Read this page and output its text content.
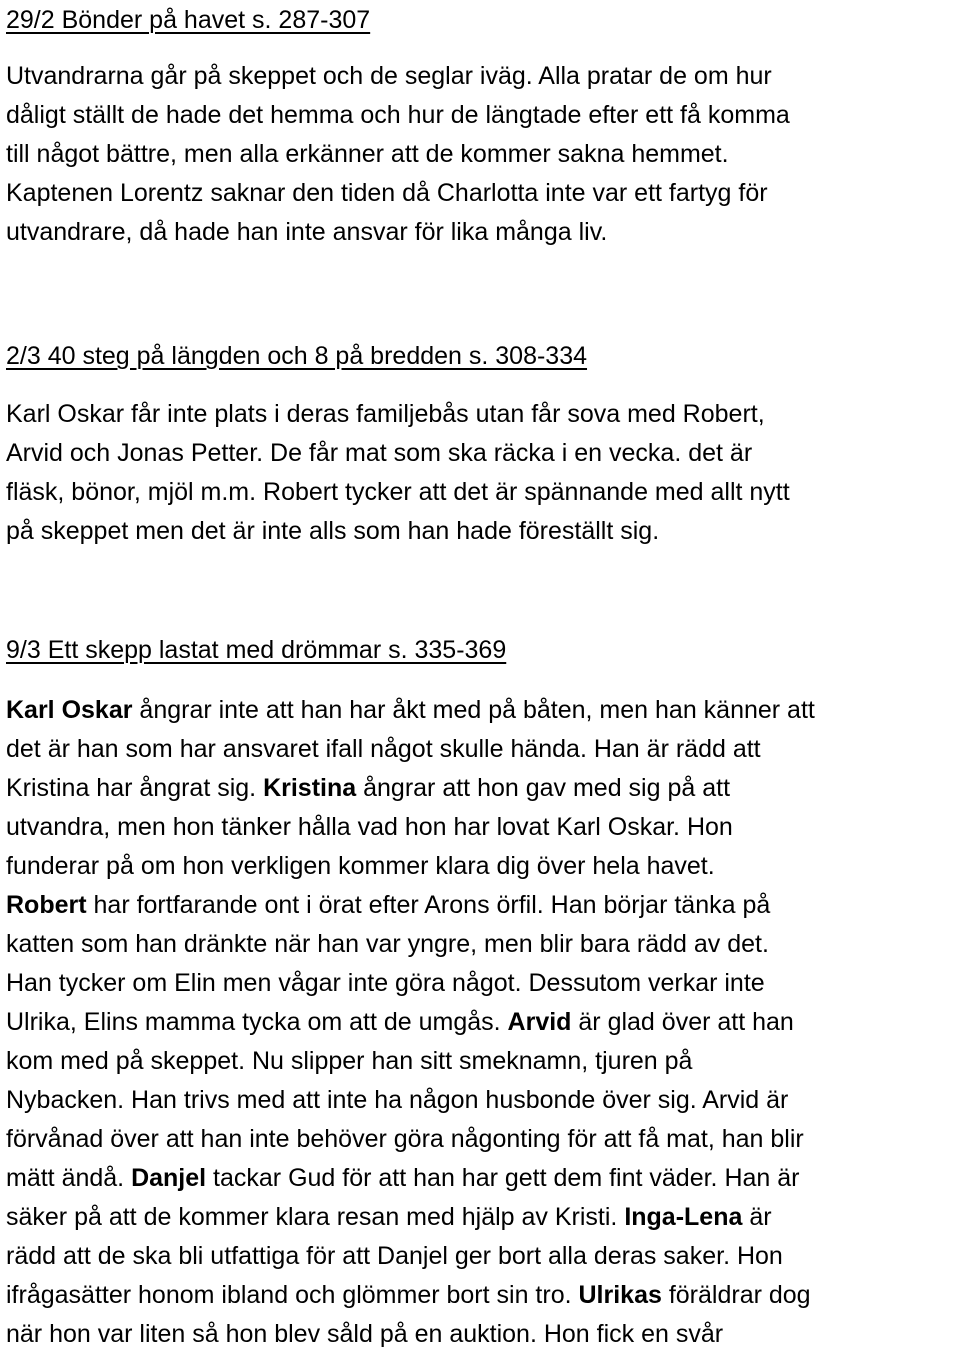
29/2 Bönder på havet s. 287-307
Utvandrarna går på skeppet och de seglar iväg. Alla pratar de om hur
dåligt ställt de hade det hemma och hur de längtade efter ett få komma
till något bättre, men alla erkänner att de kommer sakna hemmet.
Kaptenen Lorentz saknar den tiden då Charlotta inte var ett fartyg för
utvandrare, då hade han inte ansvar för lika många liv.
2/3 40 steg på längden och 8 på bredden s. 308-334
Karl Oskar får inte plats i deras familjebås utan får sova med Robert,
Arvid och Jonas Petter. De får mat som ska räcka i en vecka. det är
fläsk, bönor, mjöl m.m. Robert tycker att det är spännande med allt nytt
på skeppet men det är inte alls som han hade föreställt sig.
9/3 Ett skepp lastat med drömmar s. 335-369
Karl Oskar ångrar inte att han har åkt med på båten, men han känner att
det är han som har ansvaret ifall något skulle hända. Han är rädd att
Kristina har ångrat sig. Kristina ångrar att hon gav med sig på att
utvandra, men hon tänker hålla vad hon har lovat Karl Oskar. Hon
funderar på om hon verkligen kommer klara dig över hela havet.
Robert har fortfarande ont i örat efter Arons örfil. Han börjar tänka på
katten som han dränkte när han var yngre, men blir bara rädd av det.
Han tycker om Elin men vågar inte göra något. Dessutom verkar inte
Ulrika, Elins mamma tycka om att de umgås. Arvid är glad över att han
kom med på skeppet. Nu slipper han sitt smeknamn, tjuren på
Nybacken. Han trivs med att inte ha någon husbonde över sig. Arvid är
förvånad över att han inte behöver göra någonting för att få mat, han blir
mätt ändå. Danjel tackar Gud för att han har gett dem fint väder. Han är
säker på att de kommer klara resan med hjälp av Kristi. Inga-Lena är
rädd att de ska bli utfattiga för att Danjel ger bort alla deras saker. Hon
ifrågasätter honom ibland och glömmer bort sin tro. Ulrikas föräldrar dog
när hon var liten så hon blev såld på en auktion. Hon fick en svår
